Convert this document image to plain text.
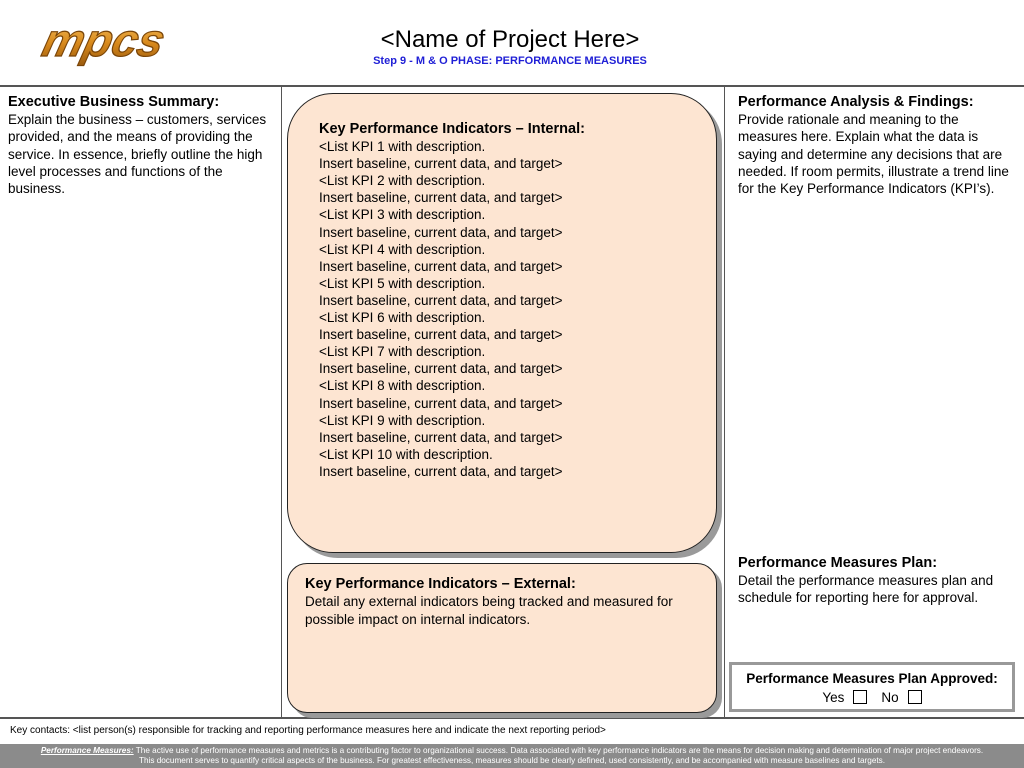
mpcs	<Name of Project Here>
Step 9 - M & O PHASE: PERFORMANCE MEASURES
Executive Business Summary:
Explain the business – customers, services provided, and the means of providing the service. In essence, briefly outline the high level processes and functions of the business.
Key Performance Indicators – Internal:
<List KPI 1 with description.
Insert baseline, current data, and target>
<List KPI 2 with description.
Insert baseline, current data, and target>
<List KPI 3 with description.
Insert baseline, current data, and target>
<List KPI 4 with description.
Insert baseline, current data, and target>
<List KPI 5 with description.
Insert baseline, current data, and target>
<List KPI 6 with description.
Insert baseline, current data, and target>
<List KPI 7 with description.
Insert baseline, current data, and target>
<List KPI 8 with description.
Insert baseline, current data, and target>
<List KPI 9 with description.
Insert baseline, current data, and target>
<List KPI 10 with description.
Insert baseline, current data, and target>
Key Performance Indicators – External:
Detail any external indicators being tracked and measured for possible impact on internal indicators.
Performance Analysis & Findings:
Provide rationale and meaning to the measures here. Explain what the data is saying and determine any decisions that are needed. If room permits, illustrate a trend line for the Key Performance Indicators (KPI’s).
Performance Measures Plan:
Detail the performance measures plan and schedule for reporting here for approval.
Performance Measures Plan Approved:
Yes	No
Key contacts: <list person(s) responsible for tracking and reporting performance measures here and indicate the next reporting period>
Performance Measures: The active use of performance measures and metrics is a contributing factor to organizational success. Data associated with key performance indicators are the means for decision making and determination of major project endeavors.
This document serves to quantify critical aspects of the business. For greatest effectiveness, measures should be clearly defined, used consistently, and be accompanied with measure baselines and targets.
